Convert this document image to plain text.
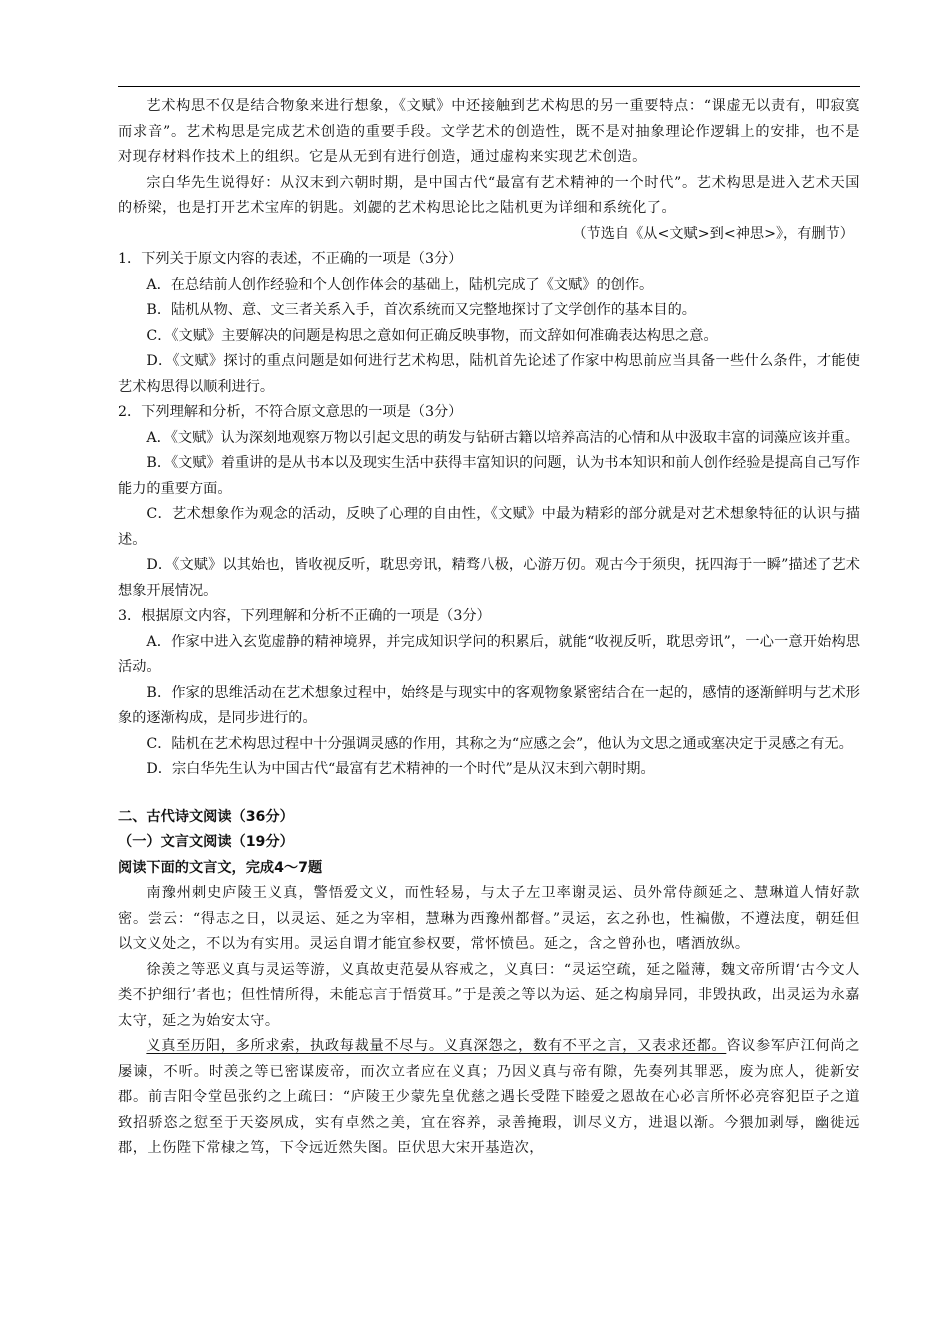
艺术构思不仅是结合物象来进行想象，《文赋》中还接触到艺术构思的另一重要特点：“课虚无以责有，叩寂寞而求音”。艺术构思是完成艺术创造的重要手段。文学艺术的创造性，既不是对抽象理论作逻辑上的安排，也不是对现存材料作技术上的组织。它是从无到有进行创造，通过虚构来实现艺术创造。

宗白华先生说得好：从汉末到六朝时期，是中国古代“最富有艺术精神的一个时代”。艺术构思是进入艺术天国的桥梁，也是打开艺术宝库的钥匙。刘勰的艺术构思论比之陆机更为详细和系统化了。

（节选自《从<文赋>到<神思>》，有删节）

1．下列关于原文内容的表述，不正确的一项是（3分）

A．在总结前人创作经验和个人创作体会的基础上，陆机完成了《文赋》的创作。

B．陆机从物、意、文三者关系入手，首次系统而又完整地探讨了文学创作的基本目的。

C．《文赋》主要解决的问题是构思之意如何正确反映事物，而文辞如何准确表达构思之意。

D．《文赋》探讨的重点问题是如何进行艺术构思，陆机首先论述了作家中构思前应当具备一些什么条件，才能使艺术构思得以顺利进行。

2．下列理解和分析，不符合原文意思的一项是（3分）

A．《文赋》认为深刻地观察万物以引起文思的萌发与钻研古籍以培养高洁的心情和从中汲取丰富的词藻应该并重。

B．《文赋》着重讲的是从书本以及现实生活中获得丰富知识的问题，认为书本知识和前人创作经验是提高自己写作能力的重要方面。

C．艺术想象作为观念的活动，反映了心理的自由性，《文赋》中最为精彩的部分就是对艺术想象特征的认识与描述。

D．《文赋》以其始也，皆收视反听，耽思旁讯，精骛八极，心游万仞。观古今于须臾，抚四海于一瞬”描述了艺术想象开展情况。

3．根据原文内容，下列理解和分析不正确的一项是（3分）

A．作家中进入玄览虚静的精神境界，并完成知识学问的积累后，就能“收视反听，耽思旁讯”，一心一意开始构思活动。

B．作家的思维活动在艺术想象过程中，始终是与现实中的客观物象紧密结合在一起的，感情的逐渐鲜明与艺术形象的逐渐构成，是同步进行的。

C．陆机在艺术构思过程中十分强调灵感的作用，其称之为“应感之会”，他认为文思之通或塞决定于灵感之有无。

D．宗白华先生认为中国古代“最富有艺术精神的一个时代”是从汉末到六朝时期。

二、古代诗文阅读（36分）

（一）文言文阅读（19分）

阅读下面的文言文，完成4～7题

南豫州刺史庐陵王义真，警悟爱文义，而性轻易，与太子左卫率谢灵运、员外常侍颜延之、慧琳道人情好款密。尝云：“得志之日，以灵运、延之为宰相，慧琳为西豫州都督。”灵运，玄之孙也，性褊傲，不遵法度，朝廷但以文义处之，不以为有实用。灵运自谓才能宜参权要，常怀愤邑。延之，含之曾孙也，嗜酒放纵。

徐羡之等恶义真与灵运等游，义真故吏范晏从容戒之，义真曰：“灵运空疏，延之隘薄，魏文帝所谓‘古今文人类不护细行’者也；但性情所得，未能忘言于悟赏耳。”于是羡之等以为运、延之构扇异同，非毁执政，出灵运为永嘉太守，延之为始安太守。

义真至历阳，多所求索，执政每裁量不尽与。义真深怨之，数有不平之言，又表求还都。咨议参军庐江何尚之屡谏，不听。时羡之等已密谋废帝，而次立者应在义真；乃因义真与帝有隙，先奏列其罪恶，废为庶人，徙新安郡。前吉阳令堂邑张约之上疏曰：“庐陵王少蒙先皇优慈之遇长受陛下睦爱之恩故在心必言所怀必亮容犯臣子之道致招骄恣之愆至于天姿夙成，实有卓然之美，宜在容养，录善掩瑕，训尽义方，进退以渐。今猥加剥辱，幽徙远郡，上伤陛下常棣之笃，下令远近然失图。臣伏思大宋开基造次，
